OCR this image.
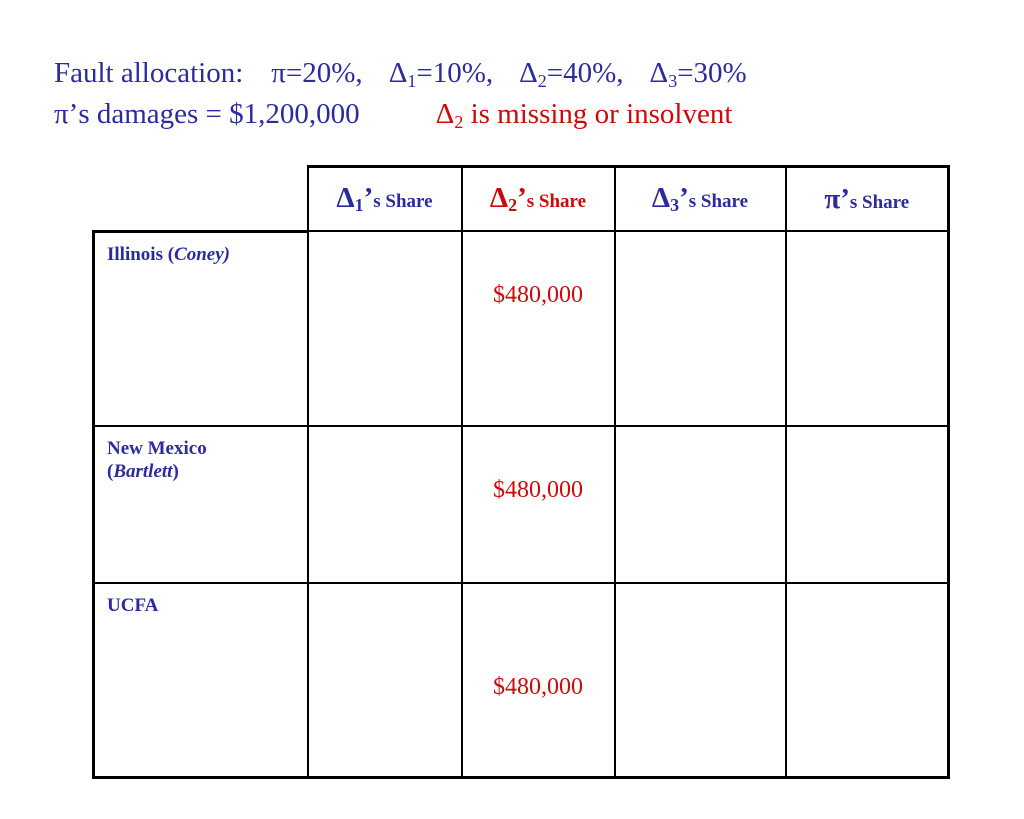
Fault allocation: π=20%, $\Delta_1=10\%$, $\Delta_2=40\%$, $\Delta_3=30\%$
π’s damages = $1,200,000	$\Delta_2$ is missing or insolvent
	$\Delta_1’s$ Share	$\Delta_2’s$ Share	$\Delta_3’s$ Share	π’s Share
Illinois (Coney)		$480,000		

New Mexico
(Bartlett)		$480,000		

UCFA		$480,000		
